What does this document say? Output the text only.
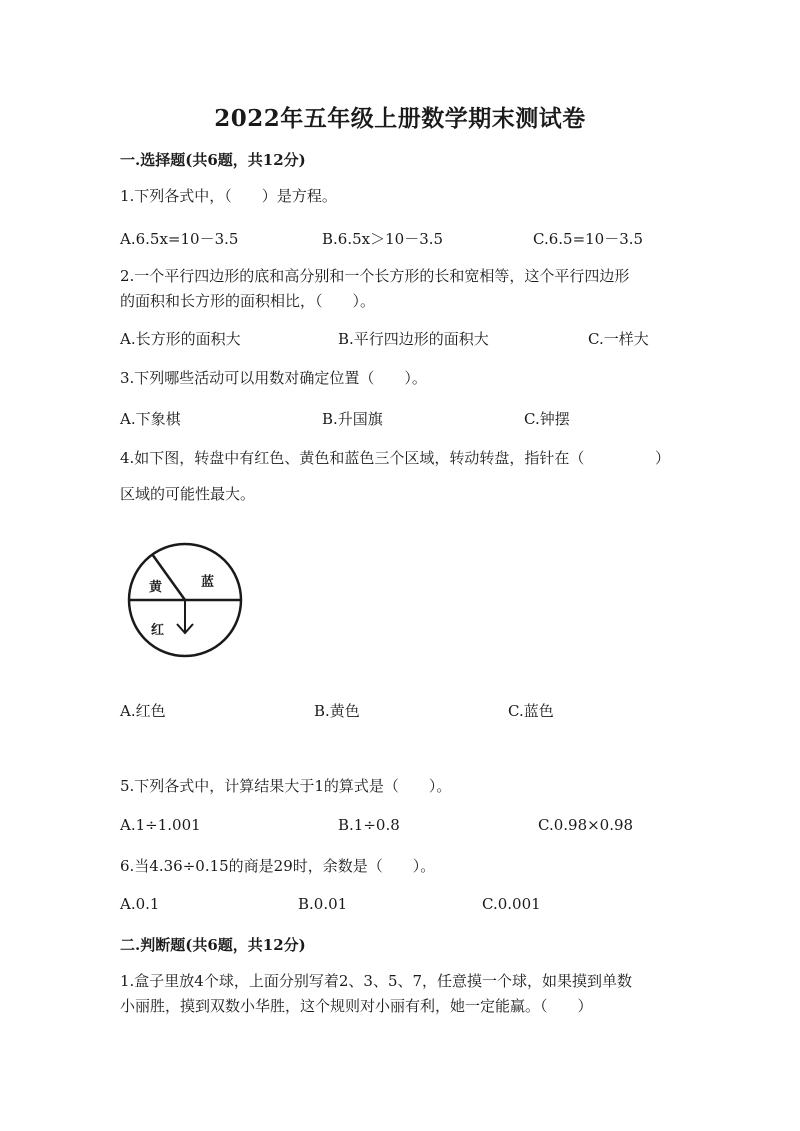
2022年五年级上册数学期末测试卷
一.选择题(共6题，共12分)
1.下列各式中，（　　）是方程。
A.6.5x=10－3.5	B.6.5x＞10－3.5	C.6.5=10－3.5
2.一个平行四边形的底和高分别和一个长方形的长和宽相等，这个平行四边形
的面积和长方形的面积相比，（　　）。
A.长方形的面积大	B.平行四边形的面积大	C.一样大
3.下列哪些活动可以用数对确定位置（　　）。
A.下象棋	B.升国旗	C.钟摆
4.如下图，转盘中有红色、黄色和蓝色三个区域，转动转盘，指针在（	）
区域的可能性最大。
黄	蓝
红
A.红色	B.黄色	C.蓝色
5.下列各式中，计算结果大于1的算式是（　　）。
A.1÷1.001	B.1÷0.8	C.0.98×0.98
6.当4.36÷0.15的商是29时，余数是（　　）。
A.0.1	B.0.01	C.0.001
二.判断题(共6题，共12分)
1.盒子里放4个球，上面分别写着2、3、5、7，任意摸一个球，如果摸到单数
小丽胜，摸到双数小华胜，这个规则对小丽有利，她一定能赢。（　　）
